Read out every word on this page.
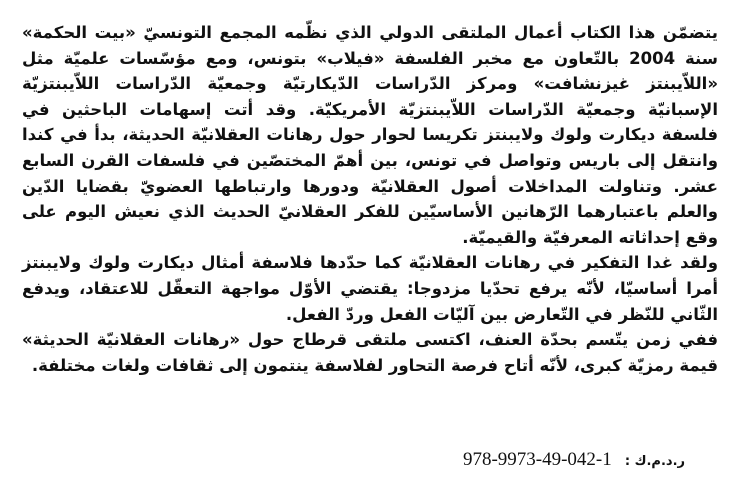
يتضمّن هذا الكتاب أعمال الملتقى الدولي الذي نظّمه المجمع التونسيّ «بيت الحكمة» سنة 2004 بالتّعاون مع مخبر الفلسفة «فيلاب» بتونس، ومع مؤسّسات علميّة مثل «اللاّيبنتز غيزنشافت» ومركز الدّراسات الدّيكارتيّة وجمعيّة الدّراسات اللاّيبنتزيّة الإسبانيّة وجمعيّة الدّراسات اللاّيبنتزيّة الأمريكيّة. وقد أتت إسهامات الباحثين في فلسفة ديكارت ولوك ولايبنتز تكريسا لحوار حول رهانات العقلانيّة الحديثة، بدأ في كندا وانتقل إلى باريس وتواصل في تونس، بين أهمّ المختصّين في فلسفات القرن السابع عشر. وتناولت المداخلات أصول العقلانيّة ودورها وارتباطها العضويّ بقضايا الدّين والعلم باعتبارهما الرّهانين الأساسيّين للفكر العقلانيّ الحديث الذي نعيش اليوم على وقع إحداثاته المعرفيّة والقيميّة.

ولقد غدا التفكير في رهانات العقلانيّة كما حدّدها فلاسفة أمثال ديكارت ولوك ولايبنتز أمرا أساسيّا، لأنّه يرفع تحدّيا مزدوجا: يقتضي الأوّل مواجهة التعقّل للاعتقاد، ويدفع الثّاني للنّظر في التّعارض بين آليّات الفعل وردّ الفعل.

ففي زمن يتّسم بحدّة العنف، اكتسى ملتقى قرطاج حول «رهانات العقلانيّة الحديثة» قيمة رمزيّة كبرى، لأنّه أتاح فرصة التحاور لفلاسفة ينتمون إلى ثقافات ولغات مختلفة.

ر.د.م.ك : 978-9973-49-042-1
